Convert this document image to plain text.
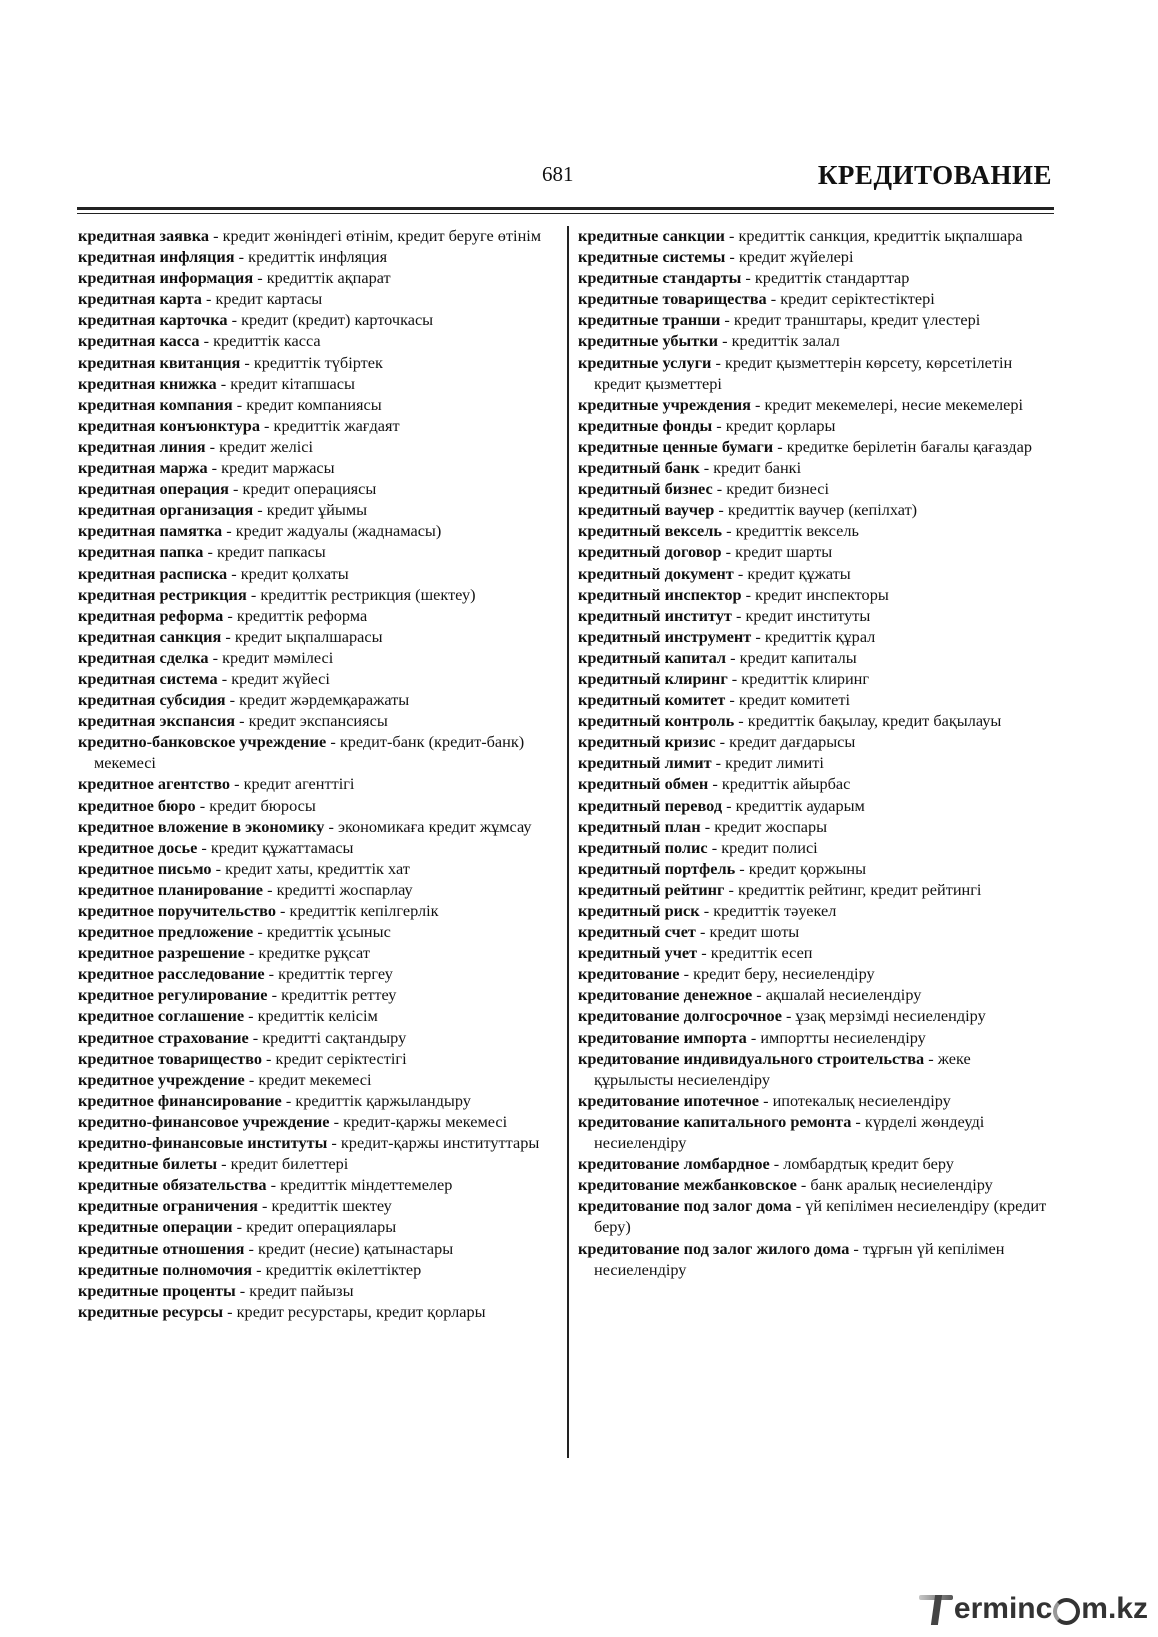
681	КРЕДИТОВАНИЕ

кредитная заявка - кредит жөніндегі өтінім, кредит беруге өтінім

кредитная инфляция - кредиттік инфляция

кредитная информация - кредиттік ақпарат

кредитная карта - кредит картасы

кредитная карточка - кредит (кредит) карточкасы

кредитная касса - кредиттік касса

кредитная квитанция - кредиттік түбіртек

кредитная книжка - кредит кітапшасы

кредитная компания - кредит компаниясы

кредитная конъюнктура - кредиттік жағдаят

кредитная линия - кредит желісі

кредитная маржа - кредит маржасы

кредитная операция - кредит операциясы

кредитная организация - кредит ұйымы

кредитная памятка - кредит жадуалы (жаднамасы)

кредитная папка - кредит папкасы

кредитная расписка - кредит қолхаты

кредитная рестрикция - кредиттік рестрикция (шектеу)

кредитная реформа - кредиттік реформа

кредитная санкция - кредит ықпалшарасы

кредитная сделка - кредит мәмілесі

кредитная система - кредит жүйесі

кредитная субсидия - кредит жәрдемқаражаты

кредитная экспансия - кредит экспансиясы

кредитно-банковское учреждение - кредит-банк (кредит-банк) мекемесі

кредитное агентство - кредит агенттігі

кредитное бюро - кредит бюросы

кредитное вложение в экономику - экономикаға кредит жұмсау

кредитное досье - кредит құжаттамасы

кредитное письмо - кредит хаты, кредиттік хат

кредитное планирование - кредитті жоспарлау

кредитное поручительство - кредиттік кепілгерлік

кредитное предложение - кредиттік ұсыныс

кредитное разрешение - кредитке рұқсат

кредитное расследование - кредиттік тергеу

кредитное регулирование - кредиттік реттеу

кредитное соглашение - кредиттік келісім

кредитное страхование - кредитті сақтандыру

кредитное товарищество - кредит серіктестігі

кредитное учреждение - кредит мекемесі

кредитное финансирование - кредиттік қаржыландыру

кредитно-финансовое учреждение - кредит-қаржы мекемесі

кредитно-финансовые институты - кредит-қаржы институттары

кредитные билеты - кредит билеттері

кредитные обязательства - кредиттік міндеттемелер

кредитные ограничения - кредиттік шектеу

кредитные операции - кредит операциялары

кредитные отношения - кредит (несие) қатынастары

кредитные полномочия - кредиттік өкілеттіктер

кредитные проценты - кредит пайызы

кредитные ресурсы - кредит ресурстары, кредит қорлары

кредитные санкции - кредиттік санкция, кредиттік ықпалшара

кредитные системы - кредит жүйелері

кредитные стандарты - кредиттік стандарттар

кредитные товарищества - кредит серіктестіктері

кредитные транши - кредит транштары, кредит үлестері

кредитные убытки - кредиттік залал

кредитные услуги - кредит қызметтерін көрсету, көрсетілетін кредит қызметтері

кредитные учреждения - кредит мекемелері, несие мекемелері

кредитные фонды - кредит қорлары

кредитные ценные бумаги - кредитке берілетін бағалы қағаздар

кредитный банк - кредит банкі

кредитный бизнес - кредит бизнесі

кредитный ваучер - кредиттік ваучер (кепілхат)

кредитный вексель - кредиттік вексель

кредитный договор - кредит шарты

кредитный документ - кредит құжаты

кредитный инспектор - кредит инспекторы

кредитный институт - кредит институты

кредитный инструмент - кредиттік құрал

кредитный капитал - кредит капиталы

кредитный клиринг - кредиттік клиринг

кредитный комитет - кредит комитеті

кредитный контроль - кредиттік бақылау, кредит бақылауы

кредитный кризис - кредит дағдарысы

кредитный лимит - кредит лимиті

кредитный обмен - кредиттік айырбас

кредитный перевод - кредиттік аударым

кредитный план - кредит жоспары

кредитный полис - кредит полисі

кредитный портфель - кредит қоржыны

кредитный рейтинг - кредиттік рейтинг, кредит рейтингі

кредитный риск - кредиттік тәуекел

кредитный счет - кредит шоты

кредитный учет - кредиттік есеп

кредитование - кредит беру, несиелендіру

кредитование денежное - ақшалай несиелендіру

кредитование долгосрочное - ұзақ мерзімді несиелендіру

кредитование импорта - импортты несиелендіру

кредитование индивидуального строительства - жеке құрылысты несиелендіру

кредитование ипотечное - ипотекалық несиелендіру

кредитование капитального ремонта - күрделі жөндеуді несиелендіру

кредитование ломбардное - ломбардтық кредит беру

кредитование межбанковское - банк аралық несиелендіру

кредитование под залог дома - үй кепілімен несиелендіру (кредит беру)

кредитование под залог жилого дома - тұрғын үй кепілімен несиелендіру

erminc m.kz
